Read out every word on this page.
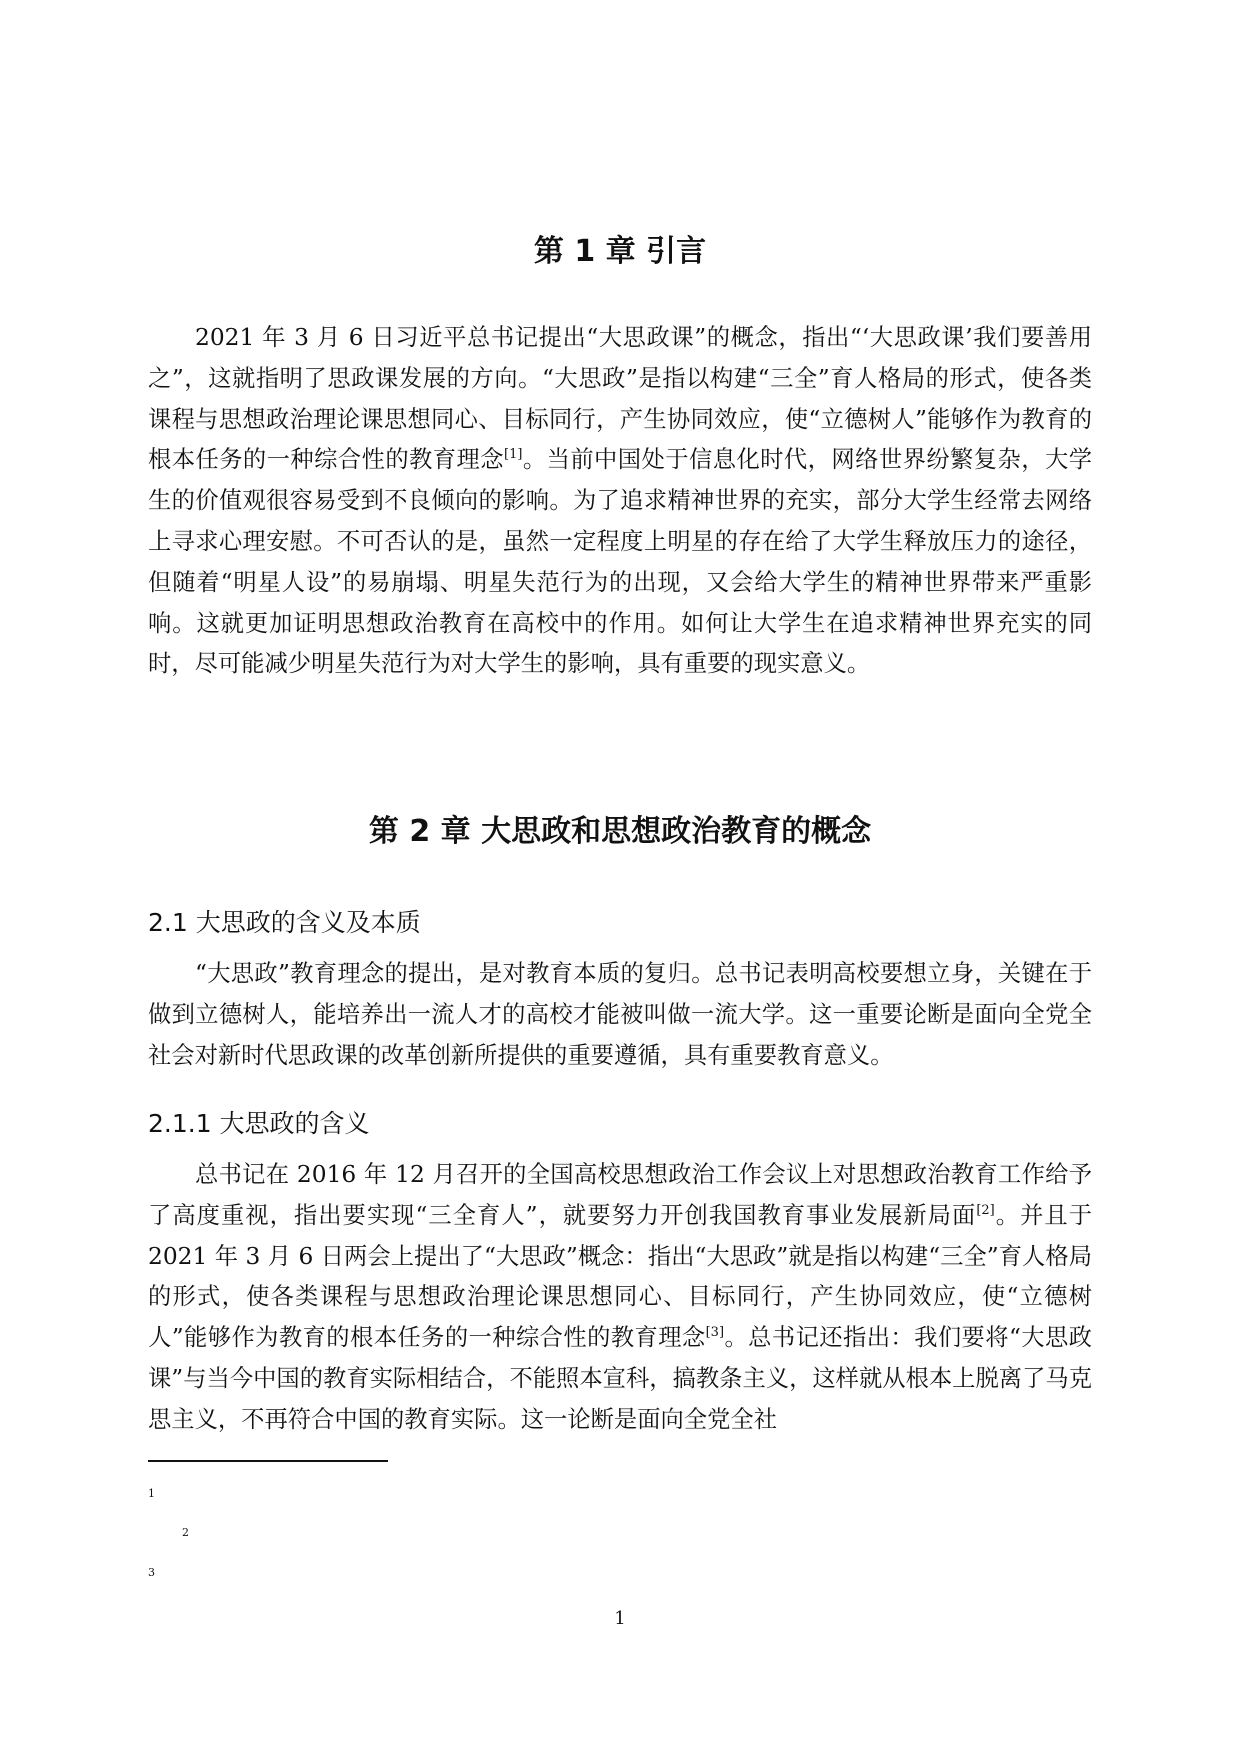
第 1 章 引言

2021 年 3 月 6 日习近平总书记提出“大思政课”的概念，指出“‘大思政课’我们要善用之”，这就指明了思政课发展的方向。“大思政”是指以构建“三全”育人格局的形式，使各类课程与思想政治理论课思想同心、目标同行，产生协同效应，使“立德树人”能够作为教育的根本任务的一种综合性的教育理念[1]。当前中国处于信息化时代，网络世界纷繁复杂，大学生的价值观很容易受到不良倾向的影响。为了追求精神世界的充实，部分大学生经常去网络上寻求心理安慰。不可否认的是，虽然一定程度上明星的存在给了大学生释放压力的途径，但随着“明星人设”的易崩塌、明星失范行为的出现，又会给大学生的精神世界带来严重影响。这就更加证明思想政治教育在高校中的作用。如何让大学生在追求精神世界充实的同时，尽可能减少明星失范行为对大学生的影响，具有重要的现实意义。

第 2 章 大思政和思想政治教育的概念
2.1 大思政的含义及本质

“大思政”教育理念的提出，是对教育本质的复归。总书记表明高校要想立身，关键在于做到立德树人，能培养出一流人才的高校才能被叫做一流大学。这一重要论断是面向全党全社会对新时代思政课的改革创新所提供的重要遵循，具有重要教育意义。

2.1.1 大思政的含义

总书记在 2016 年 12 月召开的全国高校思想政治工作会议上对思想政治教育工作给予了高度重视，指出要实现“三全育人”，就要努力开创我国教育事业发展新局面[2]。并且于 2021 年 3 月 6 日两会上提出了“大思政”概念：指出“大思政”就是指以构建“三全”育人格局的形式，使各类课程与思想政治理论课思想同心、目标同行，产生协同效应，使“立德树人”能够作为教育的根本任务的一种综合性的教育理念[3]。总书记还指出：我们要将“大思政课”与当今中国的教育实际相结合，不能照本宣科，搞教条主义，这样就从根本上脱离了马克思主义，不再符合中国的教育实际。这一论断是面向全党全社

1
2
3
1
